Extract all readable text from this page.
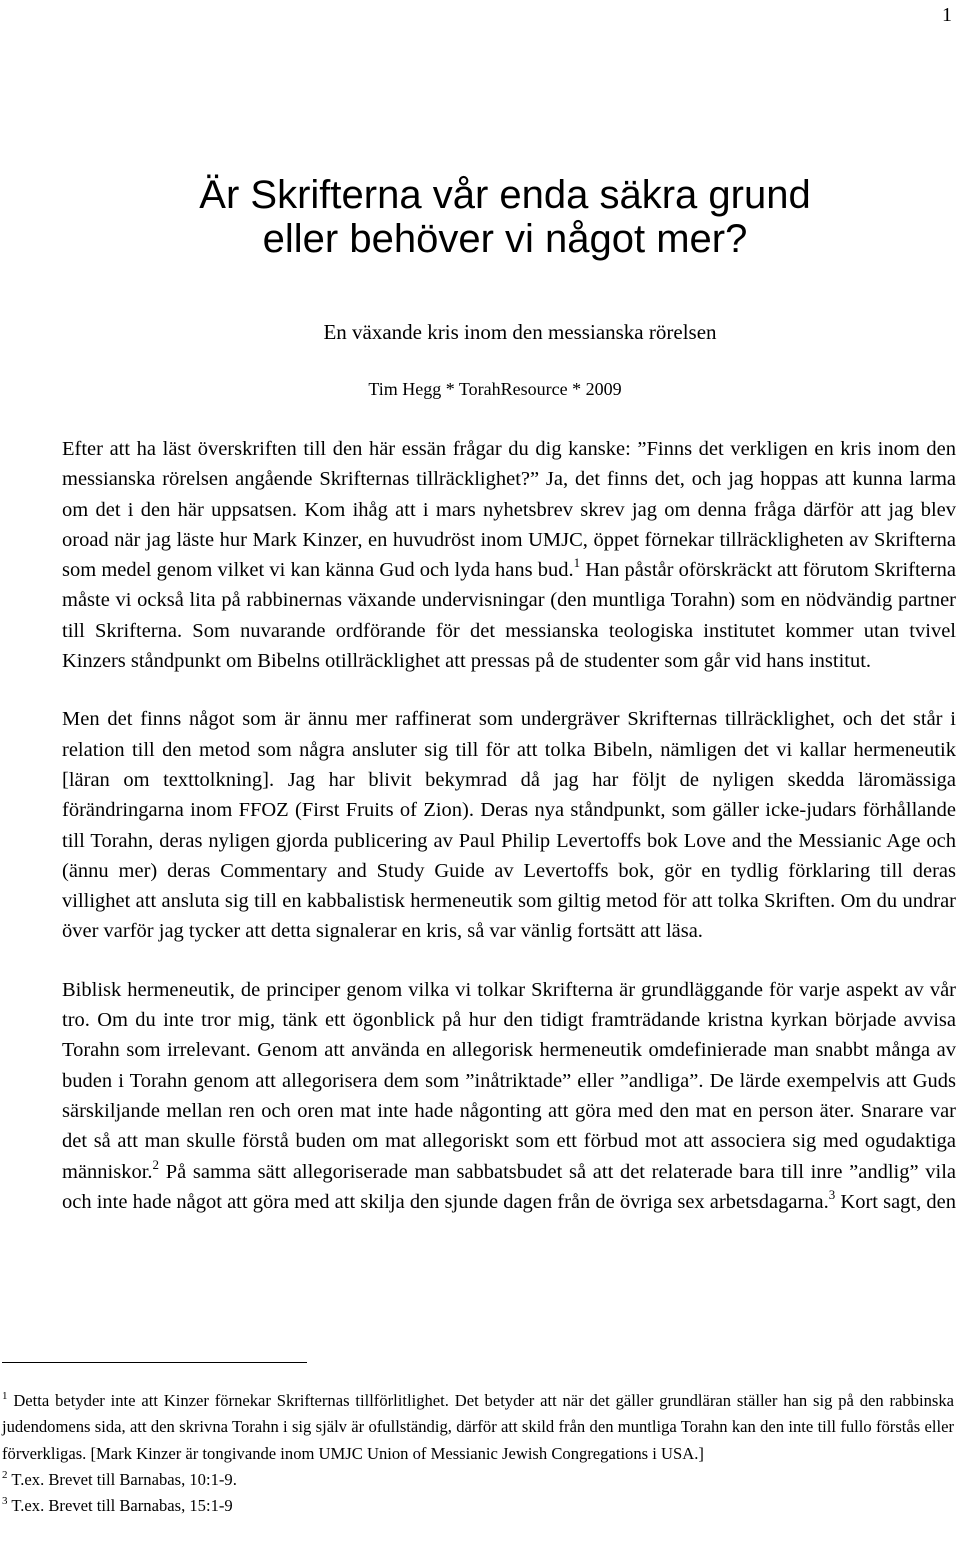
1
Är Skrifterna vår enda säkra grund
eller behöver vi något mer?
En växande kris inom den messianska rörelsen
Tim Hegg * TorahResource * 2009

Efter att ha läst överskriften till den här essän frågar du dig kanske: ”Finns det verkligen en kris inom den messianska rörelsen angående Skrifternas tillräcklighet?” Ja, det finns det, och jag hoppas att kunna larma om det i den här uppsatsen. Kom ihåg att i mars nyhetsbrev skrev jag om denna fråga därför att jag blev oroad när jag läste hur Mark Kinzer, en huvudröst inom UMJC, öppet förnekar tillräckligheten av Skrifterna som medel genom vilket vi kan känna Gud och lyda hans bud.$^1$ Han påstår oförskräckt att förutom Skrifterna måste vi också lita på rabbinernas växande undervisningar (den muntliga Torahn) som en nödvändig partner till Skrifterna. Som nuvarande ordförande för det messianska teologiska institutet kommer utan tvivel Kinzers ståndpunkt om Bibelns otillräcklighet att pressas på de studenter som går vid hans institut.

Men det finns något som är ännu mer raffinerat som undergräver Skrifternas tillräcklighet, och det står i relation till den metod som några ansluter sig till för att tolka Bibeln, nämligen det vi kallar hermeneutik [läran om texttolkning]. Jag har blivit bekymrad då jag har följt de nyligen skedda läromässiga förändringarna inom FFOZ (First Fruits of Zion). Deras nya ståndpunkt, som gäller icke-judars förhållande till Torahn, deras nyligen gjorda publicering av Paul Philip Levertoffs bok Love and the Messianic Age och (ännu mer) deras Commentary and Study Guide av Levertoffs bok, gör en tydlig förklaring till deras villighet att ansluta sig till en kabbalistisk hermeneutik som giltig metod för att tolka Skriften. Om du undrar över varför jag tycker att detta signalerar en kris, så var vänlig fortsätt att läsa.

Biblisk hermeneutik, de principer genom vilka vi tolkar Skrifterna är grundläggande för varje aspekt av vår tro. Om du inte tror mig, tänk ett ögonblick på hur den tidigt framträdande kristna kyrkan började avvisa Torahn som irrelevant. Genom att använda en allegorisk hermeneutik omdefinierade man snabbt många av buden i Torahn genom att allegorisera dem som ”inåtriktade” eller ”andliga”. De lärde exempelvis att Guds särskiljande mellan ren och oren mat inte hade någonting att göra med den mat en person äter. Snarare var det så att man skulle förstå buden om mat allegoriskt som ett förbud mot att associera sig med ogudaktiga människor.$^2$ På samma sätt allegoriserade man sabbatsbudet så att det relaterade bara till inre ”andlig” vila och inte hade något att göra med att skilja den sjunde dagen från de övriga sex arbetsdagarna.$^3$ Kort sagt, den

$^1$ Detta betyder inte att Kinzer förnekar Skrifternas tillförlitlighet. Det betyder att när det gäller grundläran ställer han sig på den rabbinska judendomens sida, att den skrivna Torahn i sig själv är ofullständig, därför att skild från den muntliga Torahn kan den inte till fullo förstås eller förverkligas. [Mark Kinzer är tongivande inom UMJC Union of Messianic Jewish Congregations i USA.]

$^2$ T.ex. Brevet till Barnabas, 10:1-9.

$^3$ T.ex. Brevet till Barnabas, 15:1-9
